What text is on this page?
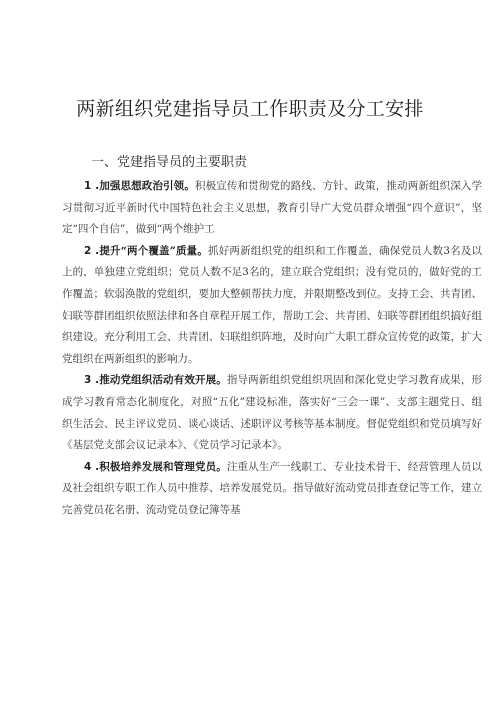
两新组织党建指导员工作职责及分工安排
一、党建指导员的主要职责

1 .加强思想政治引领。积极宣传和贯彻党的路线、方针、政策，推动两新组织深入学习贯彻习近平新时代中国特色社会主义思想，教育引导广大党员群众增强“四个意识”，坚定“四个自信”，做到“两个维护工

2 .提升“两个覆盖”质量。抓好两新组织党的组织和工作覆盖，确保党员人数3名及以上的，单独建立党组织；党员人数不足3名的，建立联合党组织；没有党员的，做好党的工作覆盖；软弱涣散的党组织，要加大整顿帮扶力度，并限期整改到位。支持工会、共青团、妇联等群团组织依照法律和各自章程开展工作，帮助工会、共青团、妇联等群团组织搞好组织建设。充分利用工会、共青团、妇联组织阵地，及时向广大职工群众宣传党的政策，扩大党组织在两新组织的影响力。

3 .推动党组织活动有效开展。指导两新组织党组织巩固和深化党史学习教育成果，形成学习教育常态化制度化，对照“五化”建设标准，落实好“三会一课”、支部主题党日、组织生活会、民主评议党员、谈心谈话、述职评议考核等基本制度。督促党组织和党员填写好《基层党支部会议记录本》、《党员学习记录本》。

4 .积极培养发展和管理党员。注重从生产一线职工、专业技术骨干、经营管理人员以及社会组织专职工作人员中推荐、培养发展党员。指导做好流动党员排查登记等工作，建立完善党员花名册、流动党员登记簿等基
